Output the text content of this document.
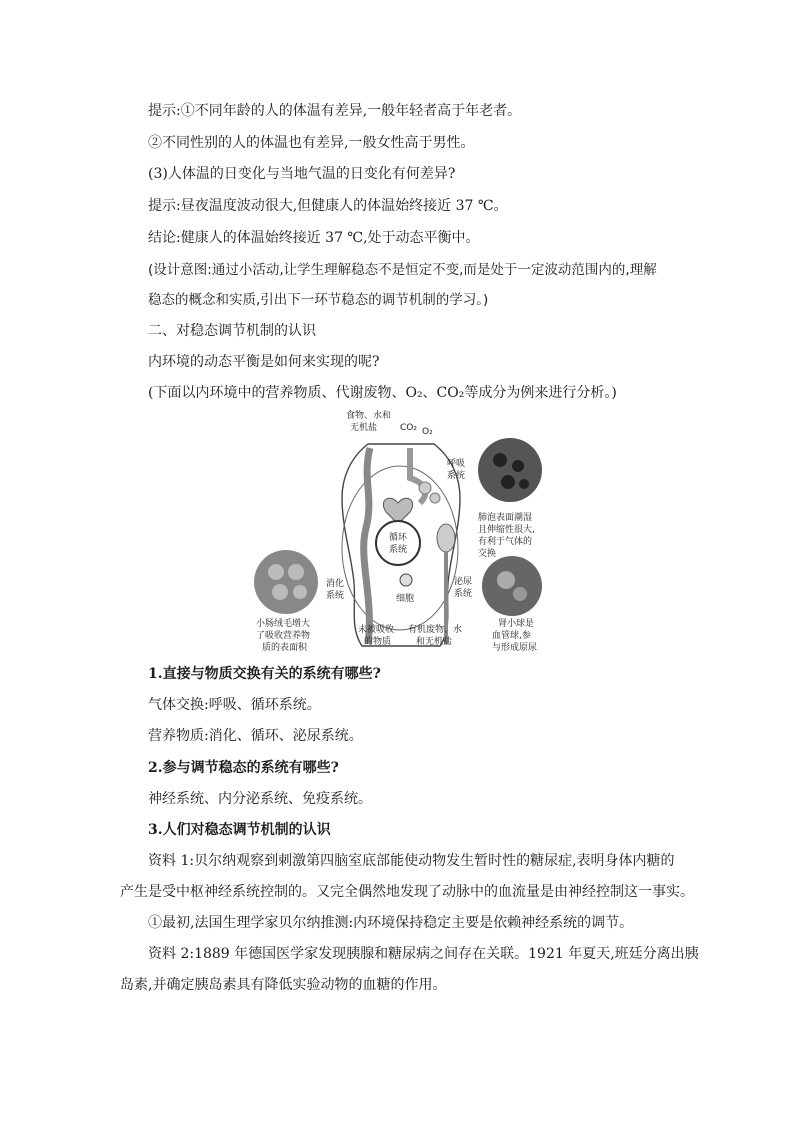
提示:①不同年龄的人的体温有差异,一般年轻者高于年老者。
②不同性别的人的体温也有差异,一般女性高于男性。
(3)人体温的日变化与当地气温的日变化有何差异?
提示:昼夜温度波动很大,但健康人的体温始终接近 37 ℃。
结论:健康人的体温始终接近 37 ℃,处于动态平衡中。
(设计意图:通过小活动,让学生理解稳态不是恒定不变,而是处于一定波动范围内的,理解
稳态的概念和实质,引出下一环节稳态的调节机制的学习。)
二、对稳态调节机制的认识
内环境的动态平衡是如何来实现的呢?
(下面以内环境中的营养物质、代谢废物、O₂、CO₂等成分为例来进行分析。)
循环
系统
细胞
食物、水和
无机盐	CO₂ O₂
呼吸
系统
肺泡表面潮湿
且伸缩性很大,
有利于气体的
交换
消化
系统
小肠绒毛增大
了吸收营养物
质的表面积
泌尿
系统
肾小球是
血管球,参
与形成原尿
未被吸收
的物质
有机废物、水
和无机盐
1.直接与物质交换有关的系统有哪些?
气体交换:呼吸、循环系统。
营养物质:消化、循环、泌尿系统。
2.参与调节稳态的系统有哪些?
神经系统、内分泌系统、免疫系统。
3.人们对稳态调节机制的认识
资料 1:贝尔纳观察到刺激第四脑室底部能使动物发生暂时性的糖尿症,表明身体内糖的
产生是受中枢神经系统控制的。又完全偶然地发现了动脉中的血流量是由神经控制这一事实。
①最初,法国生理学家贝尔纳推测:内环境保持稳定主要是依赖神经系统的调节。
资料 2:1889 年德国医学家发现胰腺和糖尿病之间存在关联。1921 年夏天,班廷分离出胰
岛素,并确定胰岛素具有降低实验动物的血糖的作用。
